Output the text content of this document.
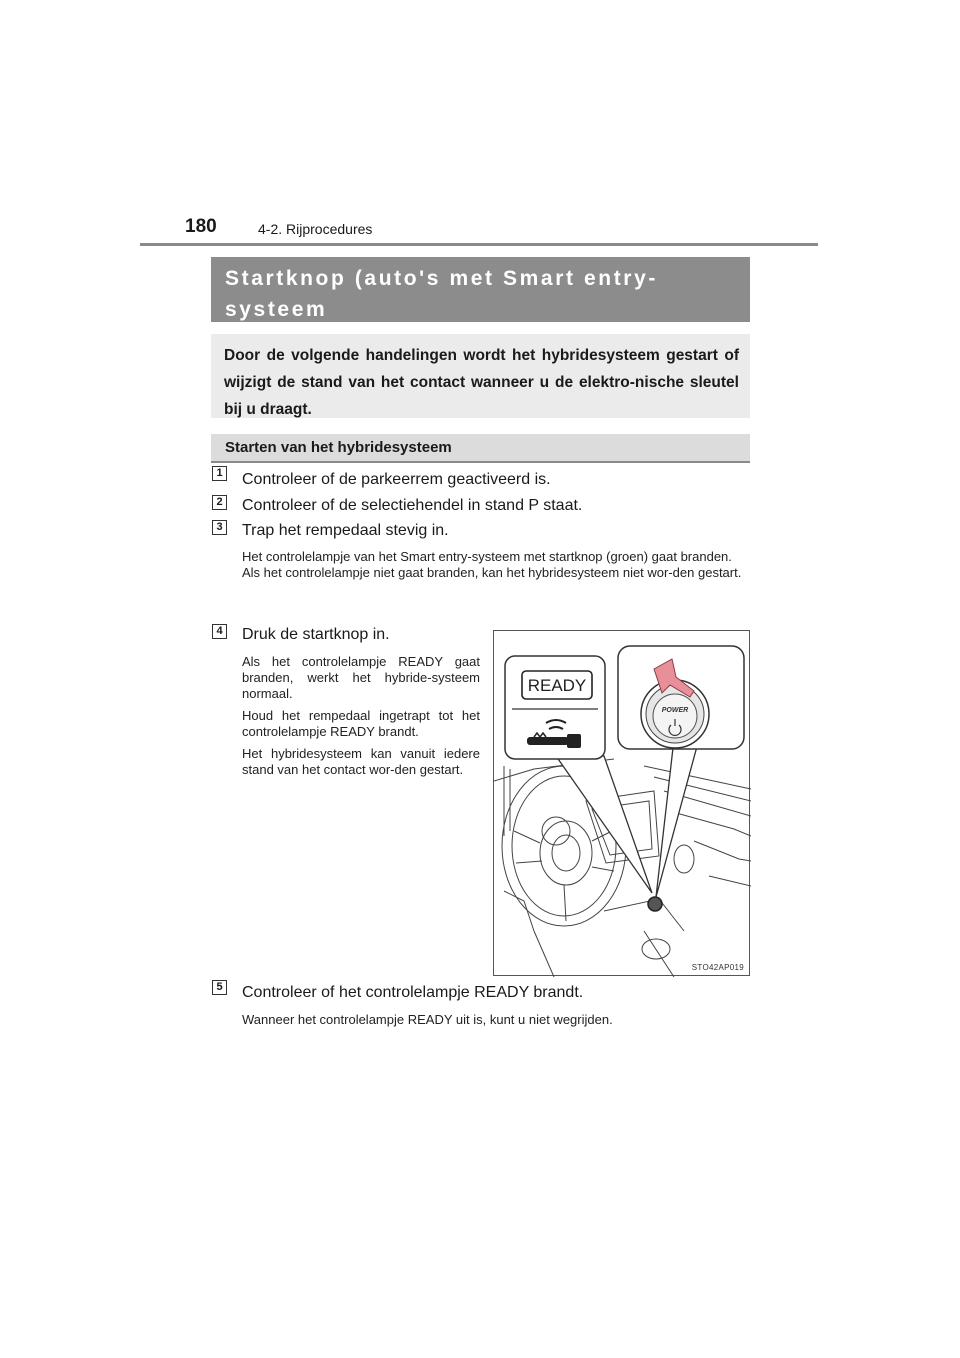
180	4-2. Rijprocedures
Startknop (auto's met Smart entry-systeem
Door de volgende handelingen wordt het hybridesysteem gestart of wijzigt de stand van het contact wanneer u de elektro-nische sleutel bij u draagt.
Starten van het hybridesysteem
1 Controleer of de parkeerrem geactiveerd is.
2 Controleer of de selectiehendel in stand P staat.
3 Trap het rempedaal stevig in.

Het controlelampje van het Smart entry-systeem met startknop (groen) gaat branden.

Als het controlelampje niet gaat branden, kan het hybridesysteem niet wor-den gestart.

4 Druk de startknop in.

Als het controlelampje READY gaat branden, werkt het hybride-systeem normaal.

Houd het rempedaal ingetrapt tot het controlelampje READY brandt.

Het hybridesysteem kan vanuit iedere stand van het contact wor-den gestart.

READY
POWER
STO42AP019
5 Controleer of het controlelampje READY brandt.
Wanneer het controlelampje READY uit is, kunt u niet wegrijden.
